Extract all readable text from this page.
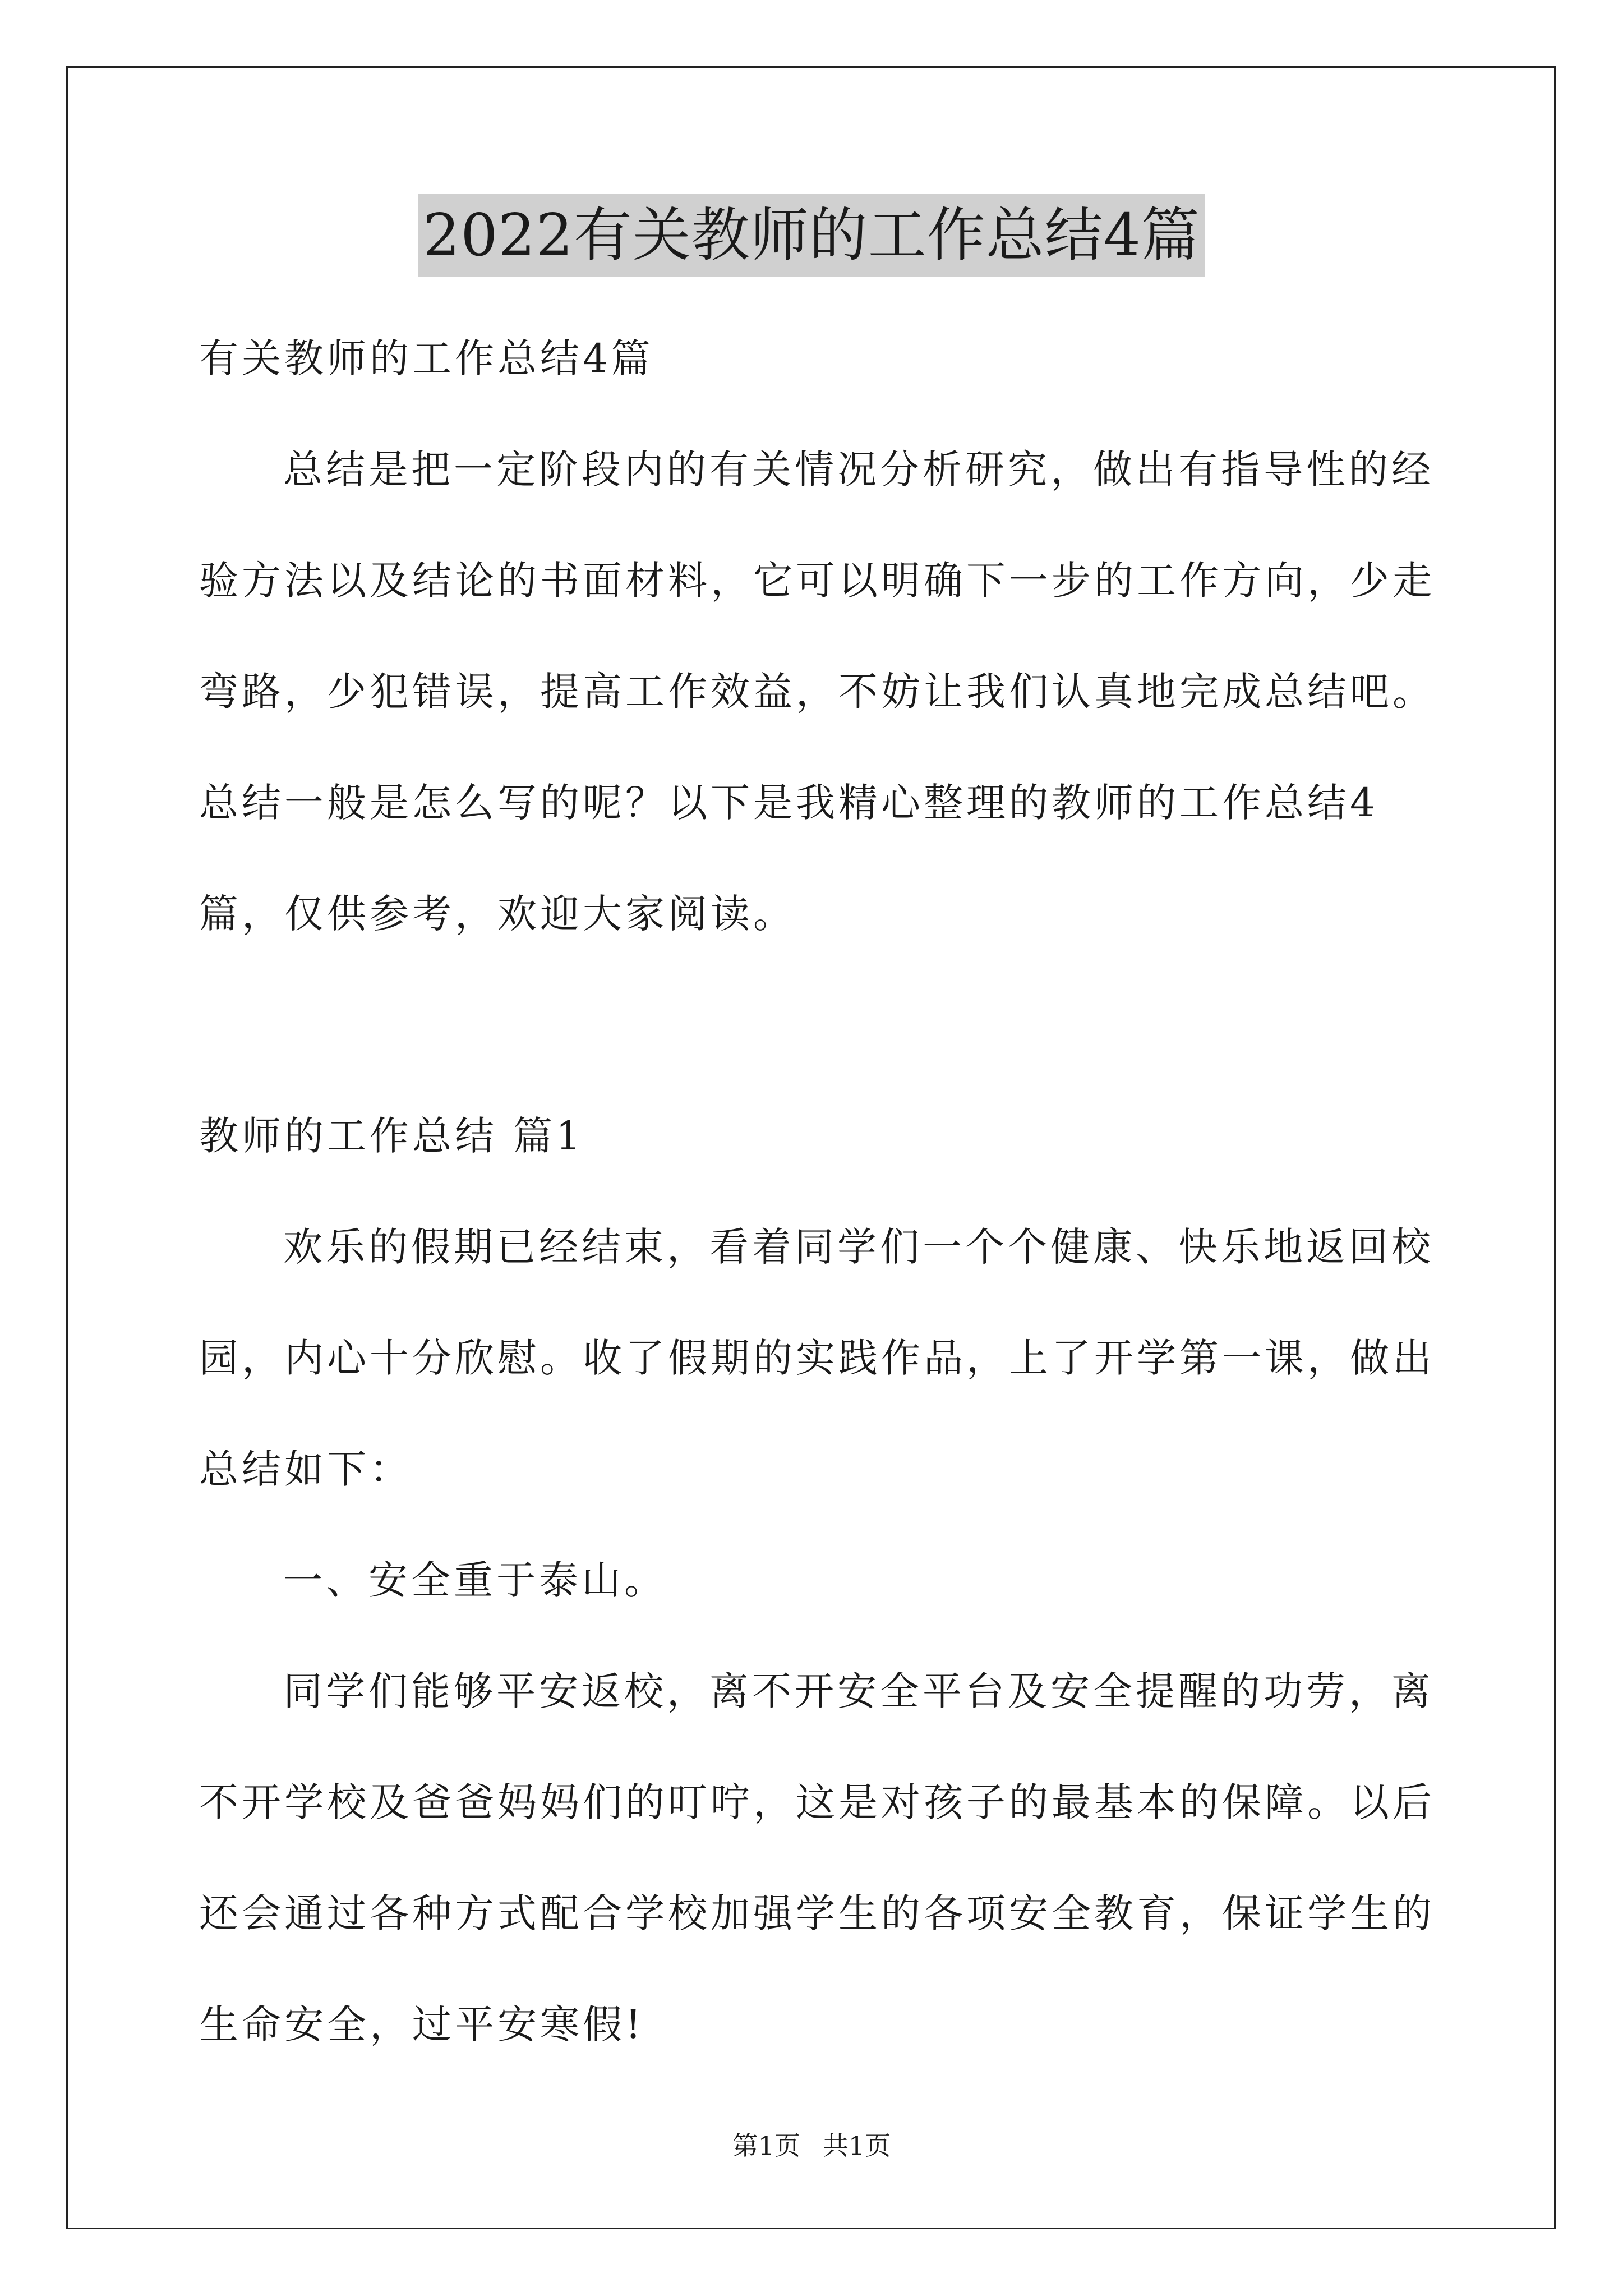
2022有关教师的工作总结4篇

有关教师的工作总结4篇

总结是把一定阶段内的有关情况分析研究，做出有指导性的经验方法以及结论的书面材料，它可以明确下一步的工作方向，少走弯路，少犯错误，提高工作效益，不妨让我们认真地完成总结吧。总结一般是怎么写的呢？以下是我精心整理的教师的工作总结4篇，仅供参考，欢迎大家阅读。

教师的工作总结 篇1

欢乐的假期已经结束，看着同学们一个个健康、快乐地返回校园，内心十分欣慰。收了假期的实践作品，上了开学第一课，做出总结如下：

一、安全重于泰山。

同学们能够平安返校，离不开安全平台及安全提醒的功劳，离不开学校及爸爸妈妈们的叮咛，这是对孩子的最基本的保障。以后还会通过各种方式配合学校加强学生的各项安全教育，保证学生的生命安全，过平安寒假!

第1页 共1页
